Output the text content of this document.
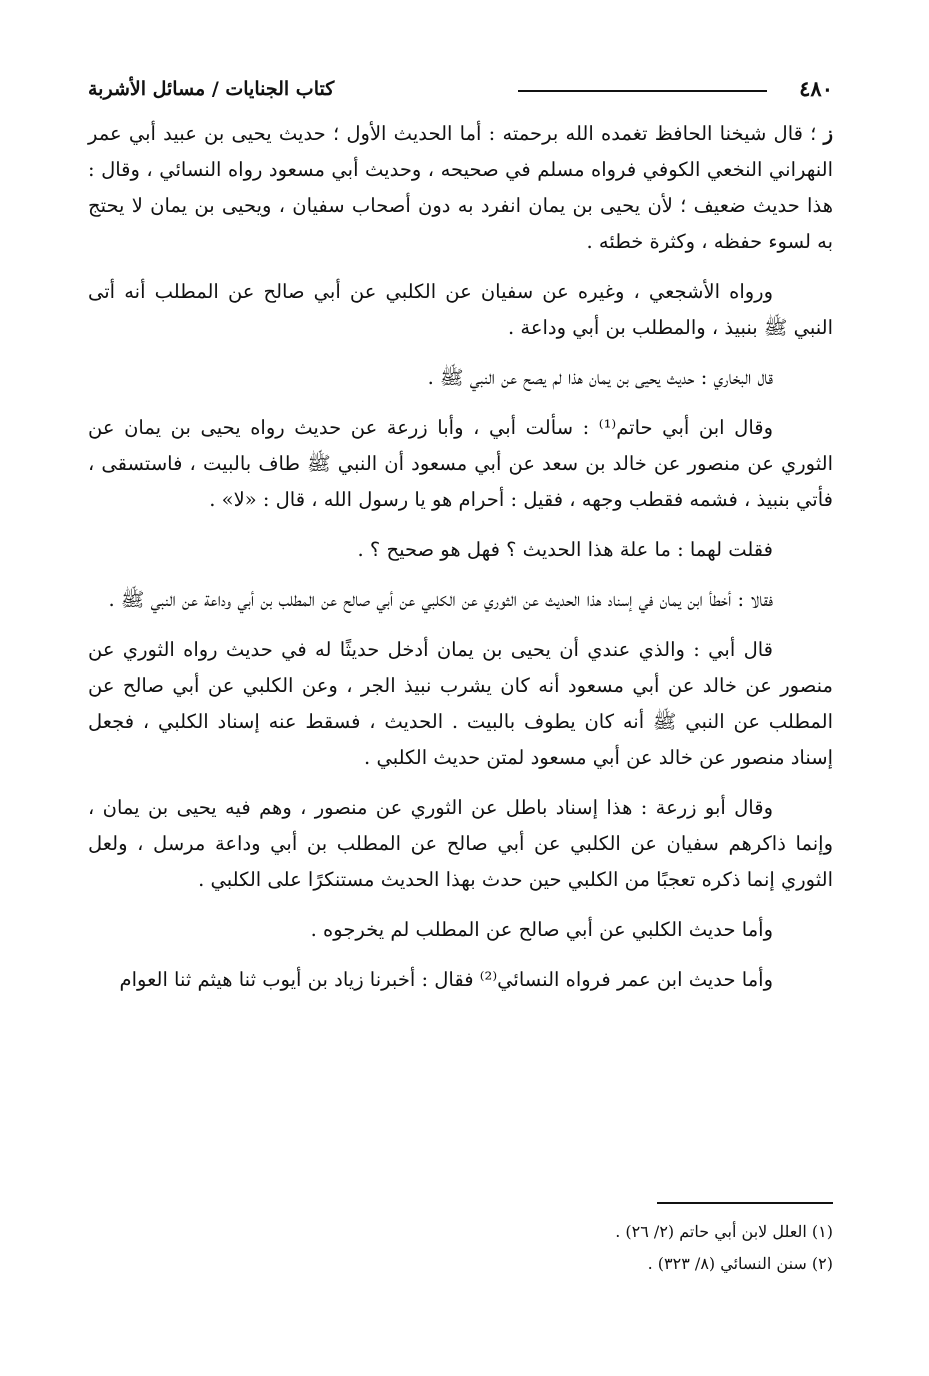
٤٨٠
كتاب الجنايات / مسائل الأشربة

ز ؛ قال شيخنا الحافظ تغمده الله برحمته : أما الحديث الأول ؛ حديث يحيى بن عبيد أبي عمر النهراني النخعي الكوفي فرواه مسلم في صحيحه ، وحديث أبي مسعود رواه النسائي ، وقال : هذا حديث ضعيف ؛ لأن يحيى بن يمان انفرد به دون أصحاب سفيان ، ويحيى بن يمان لا يحتج به لسوء حفظه ، وكثرة خطئه .

ورواه الأشجعي ، وغيره عن سفيان عن الكلبي عن أبي صالح عن المطلب أنه أتى النبي ﷺ بنبيذ ، والمطلب بن أبي وداعة .

قال البخاري : حديث يحيى بن يمان هذا لم يصح عن النبي ﷺ .

وقال ابن أبي حاتم⁽¹⁾ : سألت أبي ، وأبا زرعة عن حديث رواه يحيى بن يمان عن الثوري عن منصور عن خالد بن سعد عن أبي مسعود أن النبي ﷺ طاف بالبيت ، فاستسقى ، فأتي بنبيذ ، فشمه فقطب وجهه ، فقيل : أحرام هو يا رسول الله ، قال : «لا» .

فقلت لهما : ما علة هذا الحديث ؟ فهل هو صحيح ؟ .

فقالا : أخطأ ابن يمان في إسناد هذا الحديث عن الثوري عن الكلبي عن أبي صالح عن المطلب بن أبي وداعة عن النبي ﷺ .

قال أبي : والذي عندي أن يحيى بن يمان أدخل حديثًا له في حديث رواه الثوري عن منصور عن خالد عن أبي مسعود أنه كان يشرب نبيذ الجر ، وعن الكلبي عن أبي صالح عن المطلب عن النبي ﷺ أنه كان يطوف بالبيت . الحديث ، فسقط عنه إسناد الكلبي ، فجعل إسناد منصور عن خالد عن أبي مسعود لمتن حديث الكلبي .

وقال أبو زرعة : هذا إسناد باطل عن الثوري عن منصور ، وهم فيه يحيى بن يمان ، وإنما ذاكرهم سفيان عن الكلبي عن أبي صالح عن المطلب بن أبي وداعة مرسل ، ولعل الثوري إنما ذكره تعجبًا من الكلبي حين حدث بهذا الحديث مستنكرًا على الكلبي .

وأما حديث الكلبي عن أبي صالح عن المطلب لم يخرجوه .

وأما حديث ابن عمر فرواه النسائي⁽²⁾ فقال : أخبرنا زياد بن أيوب ثنا هيثم ثنا العوام

(١) العلل لابن أبي حاتم (٢/ ٢٦) .

(٢) سنن النسائي (٨/ ٣٢٣) .
